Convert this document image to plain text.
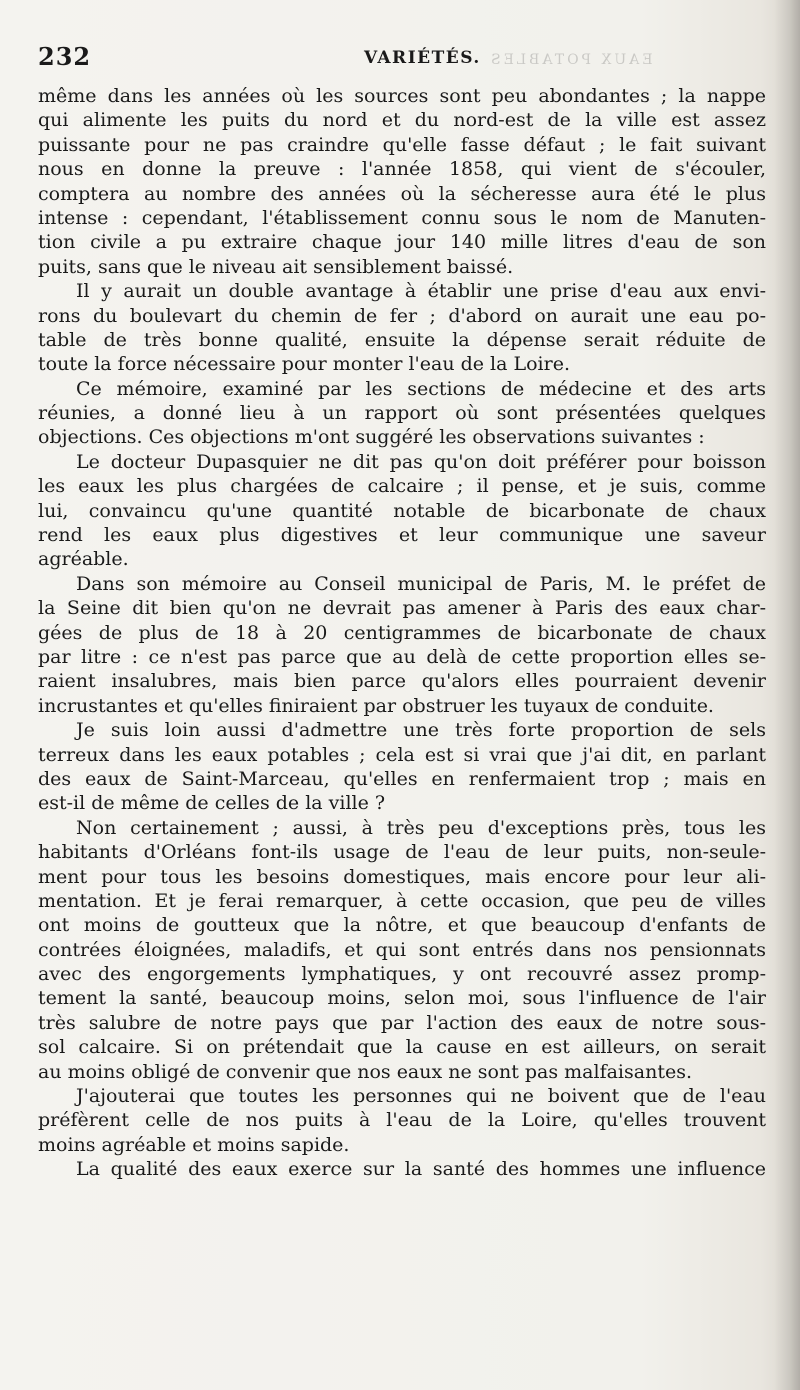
232	VARIÉTÉS. EAUX POTABLES
même dans les années où les sources sont peu abondantes ; la nappe
qui alimente les puits du nord et du nord-est de la ville est assez
puissante pour ne pas craindre qu'elle fasse défaut ; le fait suivant
nous en donne la preuve : l'année 1858, qui vient de s'écouler,
comptera au nombre des années où la sécheresse aura été le plus
intense : cependant, l'établissement connu sous le nom de Manuten-
tion civile a pu extraire chaque jour 140 mille litres d'eau de son
puits, sans que le niveau ait sensiblement baissé.
Il y aurait un double avantage à établir une prise d'eau aux envi-
rons du boulevart du chemin de fer ; d'abord on aurait une eau po-
table de très bonne qualité, ensuite la dépense serait réduite de
toute la force nécessaire pour monter l'eau de la Loire.
Ce mémoire, examiné par les sections de médecine et des arts
réunies, a donné lieu à un rapport où sont présentées quelques
objections. Ces objections m'ont suggéré les observations suivantes :
Le docteur Dupasquier ne dit pas qu'on doit préférer pour boisson
les eaux les plus chargées de calcaire ; il pense, et je suis, comme
lui, convaincu qu'une quantité notable de bicarbonate de chaux
rend les eaux plus digestives et leur communique une saveur
agréable.
Dans son mémoire au Conseil municipal de Paris, M. le préfet de
la Seine dit bien qu'on ne devrait pas amener à Paris des eaux char-
gées de plus de 18 à 20 centigrammes de bicarbonate de chaux
par litre : ce n'est pas parce que au delà de cette proportion elles se-
raient insalubres, mais bien parce qu'alors elles pourraient devenir
incrustantes et qu'elles finiraient par obstruer les tuyaux de conduite.
Je suis loin aussi d'admettre une très forte proportion de sels
terreux dans les eaux potables ; cela est si vrai que j'ai dit, en parlant
des eaux de Saint-Marceau, qu'elles en renfermaient trop ; mais en
est-il de même de celles de la ville ?
Non certainement ; aussi, à très peu d'exceptions près, tous les
habitants d'Orléans font-ils usage de l'eau de leur puits, non-seule-
ment pour tous les besoins domestiques, mais encore pour leur ali-
mentation. Et je ferai remarquer, à cette occasion, que peu de villes
ont moins de goutteux que la nôtre, et que beaucoup d'enfants de
contrées éloignées, maladifs, et qui sont entrés dans nos pensionnats
avec des engorgements lymphatiques, y ont recouvré assez promp-
tement la santé, beaucoup moins, selon moi, sous l'influence de l'air
très salubre de notre pays que par l'action des eaux de notre sous-
sol calcaire. Si on prétendait que la cause en est ailleurs, on serait
au moins obligé de convenir que nos eaux ne sont pas malfaisantes.
J'ajouterai que toutes les personnes qui ne boivent que de l'eau
préfèrent celle de nos puits à l'eau de la Loire, qu'elles trouvent
moins agréable et moins sapide.
La qualité des eaux exerce sur la santé des hommes une influence
